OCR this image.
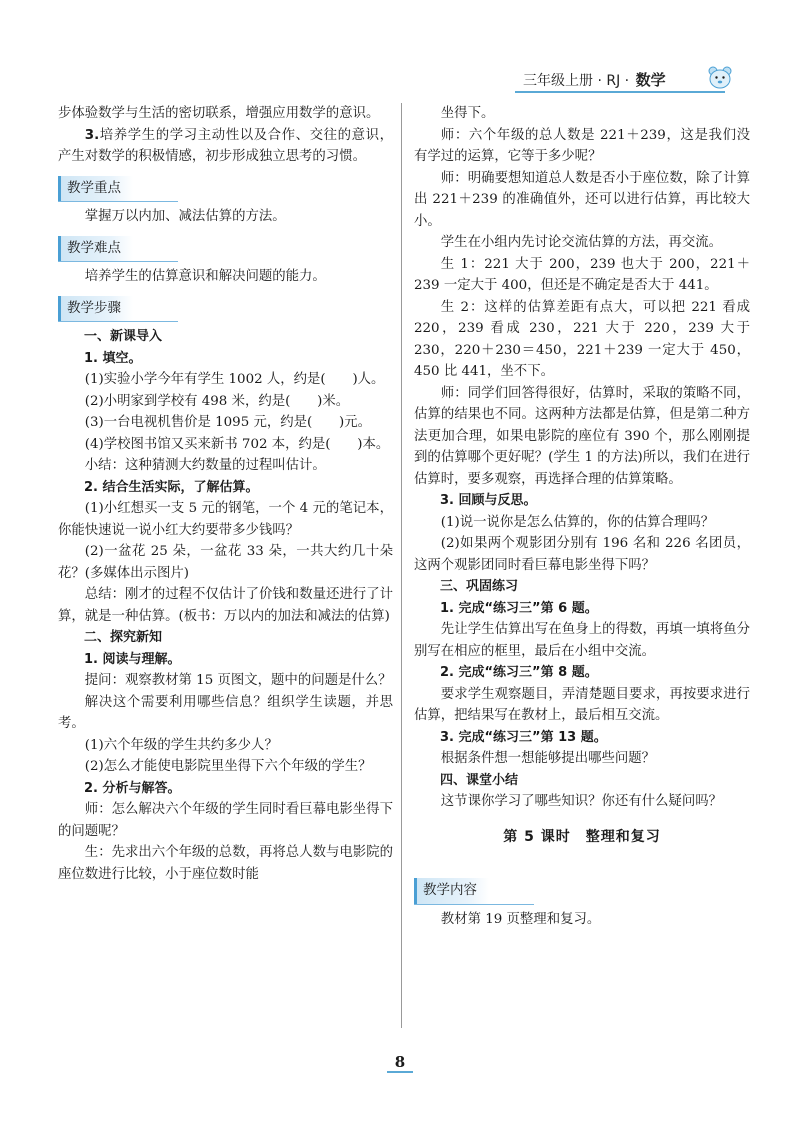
三年级上册 · RJ · 数学

步体验数学与生活的密切联系，增强应用数学的意识。

3.培养学生的学习主动性以及合作、交往的意识，产生对数学的积极情感，初步形成独立思考的习惯。

教学重点

掌握万以内加、减法估算的方法。

教学难点

培养学生的估算意识和解决问题的能力。

教学步骤

一、新课导入

1. 填空。

(1)实验小学今年有学生 1002 人，约是(　　)人。

(2)小明家到学校有 498 米，约是(　　)米。

(3)一台电视机售价是 1095 元，约是(　　)元。

(4)学校图书馆又买来新书 702 本，约是(　　)本。

小结：这种猜测大约数量的过程叫估计。

2. 结合生活实际，了解估算。

(1)小红想买一支 5 元的钢笔，一个 4 元的笔记本，你能快速说一说小红大约要带多少钱吗？

(2)一盆花 25 朵，一盆花 33 朵，一共大约几十朵花？(多媒体出示图片)

总结：刚才的过程不仅估计了价钱和数量还进行了计算，就是一种估算。(板书：万以内的加法和减法的估算)

二、探究新知

1. 阅读与理解。

提问：观察教材第 15 页图文，题中的问题是什么？

解决这个需要利用哪些信息？组织学生读题，并思考。

(1)六个年级的学生共约多少人？

(2)怎么才能使电影院里坐得下六个年级的学生？

2. 分析与解答。

师：怎么解决六个年级的学生同时看巨幕电影坐得下的问题呢？

生：先求出六个年级的总数，再将总人数与电影院的座位数进行比较，小于座位数时能

坐得下。

师：六个年级的总人数是 221＋239，这是我们没有学过的运算，它等于多少呢？

师：明确要想知道总人数是否小于座位数，除了计算出 221＋239 的准确值外，还可以进行估算，再比较大小。

学生在小组内先讨论交流估算的方法，再交流。

生 1：221 大于 200，239 也大于 200，221＋239 一定大于 400，但还是不确定是否大于 441。

生 2：这样的估算差距有点大，可以把 221 看成 220，239 看成 230，221 大于 220，239 大于 230，220＋230＝450，221＋239 一定大于 450，450 比 441，坐不下。

师：同学们回答得很好，估算时，采取的策略不同，估算的结果也不同。这两种方法都是估算，但是第二种方法更加合理，如果电影院的座位有 390 个，那么刚刚提到的估算哪个更好呢？(学生 1 的方法)所以，我们在进行估算时，要多观察，再选择合理的估算策略。

3. 回顾与反思。

(1)说一说你是怎么估算的，你的估算合理吗？

(2)如果两个观影团分别有 196 名和 226 名团员，这两个观影团同时看巨幕电影坐得下吗？

三、巩固练习

1. 完成“练习三”第 6 题。

先让学生估算出写在鱼身上的得数，再填一填将鱼分别写在相应的框里，最后在小组中交流。

2. 完成“练习三”第 8 题。

要求学生观察题目，弄清楚题目要求，再按要求进行估算，把结果写在教材上，最后相互交流。

3. 完成“练习三”第 13 题。

根据条件想一想能够提出哪些问题？

四、课堂小结

这节课你学习了哪些知识？你还有什么疑问吗？

第 5 课时　整理和复习
教学内容

教材第 19 页整理和复习。

8
